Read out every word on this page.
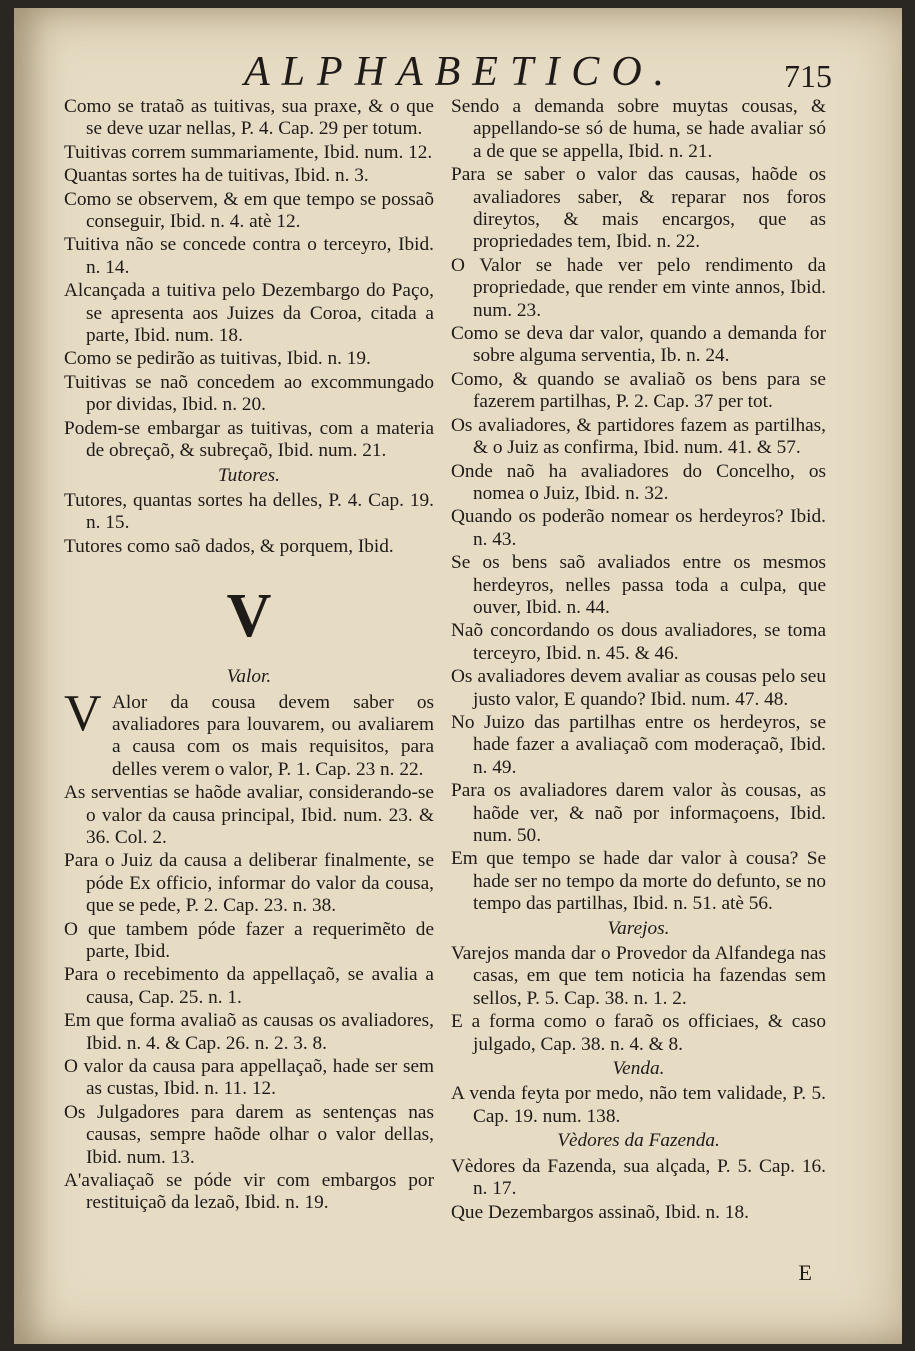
ALPHABETICO.	715

Como se trataõ as tuitivas, sua praxe, & o que se deve uzar nellas, P. 4. Cap. 29 per totum.

Tuitivas correm summariamente, Ibid. num. 12.

Quantas sortes ha de tuitivas, Ibid. n. 3.

Como se observem, & em que tempo se possaõ conseguir, Ibid. n. 4. atè 12.

Tuitiva não se concede contra o terceyro, Ibid. n. 14.

Alcançada a tuitiva pelo Dezembargo do Paço, se apresenta aos Juizes da Coroa, citada a parte, Ibid. num. 18.

Como se pedirão as tuitivas, Ibid. n. 19.

Tuitivas se naõ concedem ao excommungado por dividas, Ibid. n. 20.

Podem-se embargar as tuitivas, com a materia de obreçaõ, & subreçaõ, Ibid. num. 21.

Tutores.

Tutores, quantas sortes ha delles, P. 4. Cap. 19. n. 15.

Tutores como saõ dados, & porquem, Ibid.

V
Valor.

V Alor da cousa devem saber os avaliadores para louvarem, ou avaliarem a causa com os mais requisitos, para delles verem o valor, P. 1. Cap. 23 n. 22.

As serventias se haõde avaliar, considerando-se o valor da causa principal, Ibid. num. 23. & 36. Col. 2.

Para o Juiz da causa a deliberar finalmente, se póde Ex officio, informar do valor da cousa, que se pede, P. 2. Cap. 23. n. 38.

O que tambem póde fazer a requerimẽto de parte, Ibid.

Para o recebimento da appellaçaõ, se avalia a causa, Cap. 25. n. 1.

Em que forma avaliaõ as causas os avaliadores, Ibid. n. 4. & Cap. 26. n. 2. 3. 8.

O valor da causa para appellaçaõ, hade ser sem as custas, Ibid. n. 11. 12.

Os Julgadores para darem as sentenças nas causas, sempre haõde olhar o valor dellas, Ibid. num. 13.

A'avaliaçaõ se póde vir com embargos por restituiçaõ da lezaõ, Ibid. n. 19.

Sendo a demanda sobre muytas cousas, & appellando-se só de huma, se hade avaliar só a de que se appella, Ibid. n. 21.

Para se saber o valor das causas, haõde os avaliadores saber, & reparar nos foros direytos, & mais encargos, que as propriedades tem, Ibid. n. 22.

O Valor se hade ver pelo rendimento da propriedade, que render em vinte annos, Ibid. num. 23.

Como se deva dar valor, quando a demanda for sobre alguma serventia, Ib. n. 24.

Como, & quando se avaliaõ os bens para se fazerem partilhas, P. 2. Cap. 37 per tot.

Os avaliadores, & partidores fazem as partilhas, & o Juiz as confirma, Ibid. num. 41. & 57.

Onde naõ ha avaliadores do Concelho, os nomea o Juiz, Ibid. n. 32.

Quando os poderão nomear os herdeyros? Ibid. n. 43.

Se os bens saõ avaliados entre os mesmos herdeyros, nelles passa toda a culpa, que ouver, Ibid. n. 44.

Naõ concordando os dous avaliadores, se toma terceyro, Ibid. n. 45. & 46.

Os avaliadores devem avaliar as cousas pelo seu justo valor, E quando? Ibid. num. 47. 48.

No Juizo das partilhas entre os herdeyros, se hade fazer a avaliaçaõ com moderaçaõ, Ibid. n. 49.

Para os avaliadores darem valor às cousas, as haõde ver, & naõ por informaçoens, Ibid. num. 50.

Em que tempo se hade dar valor à cousa? Se hade ser no tempo da morte do defunto, se no tempo das partilhas, Ibid. n. 51. atè 56.

Varejos.

Varejos manda dar o Provedor da Alfandega nas casas, em que tem noticia ha fazendas sem sellos, P. 5. Cap. 38. n. 1. 2.

E a forma como o faraõ os officiaes, & caso julgado, Cap. 38. n. 4. & 8.

Venda.

A venda feyta por medo, não tem validade, P. 5. Cap. 19. num. 138.

Vèdores da Fazenda.

Vèdores da Fazenda, sua alçada, P. 5. Cap. 16. n. 17.

Que Dezembargos assinaõ, Ibid. n. 18.

E
